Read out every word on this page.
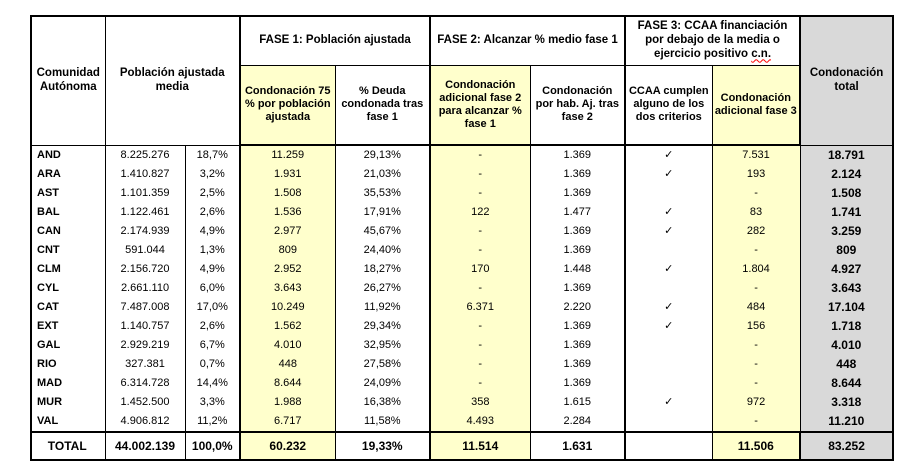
Comunidad Autónoma	Población ajustada media		FASE 1: Población ajustada		FASE 2: Alcanzar % medio fase 1		FASE 3: CCAA financiación por debajo de la media o ejercicio positivo c.n.		Condonación total
			Condonación 75 % por población ajustada	% Deuda condonada tras fase 1	Condonación adicional fase 2 para alcanzar % fase 1	Condonación por hab. Aj. tras fase 2	CCAA cumplen alguno de los dos criterios	Condonación adicional fase 3	
AND	8.225.276	18,7%	11.259	29,13%	-	1.369	✓	7.531	18.791
ARA	1.410.827	3,2%	1.931	21,03%	-	1.369	✓	193	2.124
AST	1.101.359	2,5%	1.508	35,53%	-	1.369		-	1.508
BAL	1.122.461	2,6%	1.536	17,91%	122	1.477	✓	83	1.741
CAN	2.174.939	4,9%	2.977	45,67%	-	1.369	✓	282	3.259
CNT	591.044	1,3%	809	24,40%	-	1.369		-	809
CLM	2.156.720	4,9%	2.952	18,27%	170	1.448	✓	1.804	4.927
CYL	2.661.110	6,0%	3.643	26,27%	-	1.369		-	3.643
CAT	7.487.008	17,0%	10.249	11,92%	6.371	2.220	✓	484	17.104
EXT	1.140.757	2,6%	1.562	29,34%	-	1.369	✓	156	1.718
GAL	2.929.219	6,7%	4.010	32,95%	-	1.369		-	4.010
RIO	327.381	0,7%	448	27,58%	-	1.369		-	448
MAD	6.314.728	14,4%	8.644	24,09%	-	1.369		-	8.644
MUR	1.452.500	3,3%	1.988	16,38%	358	1.615	✓	972	3.318
VAL	4.906.812	11,2%	6.717	11,58%	4.493	2.284		-	11.210
TOTAL	44.002.139	100,0%	60.232	19,33%	11.514	1.631		11.506	83.252
